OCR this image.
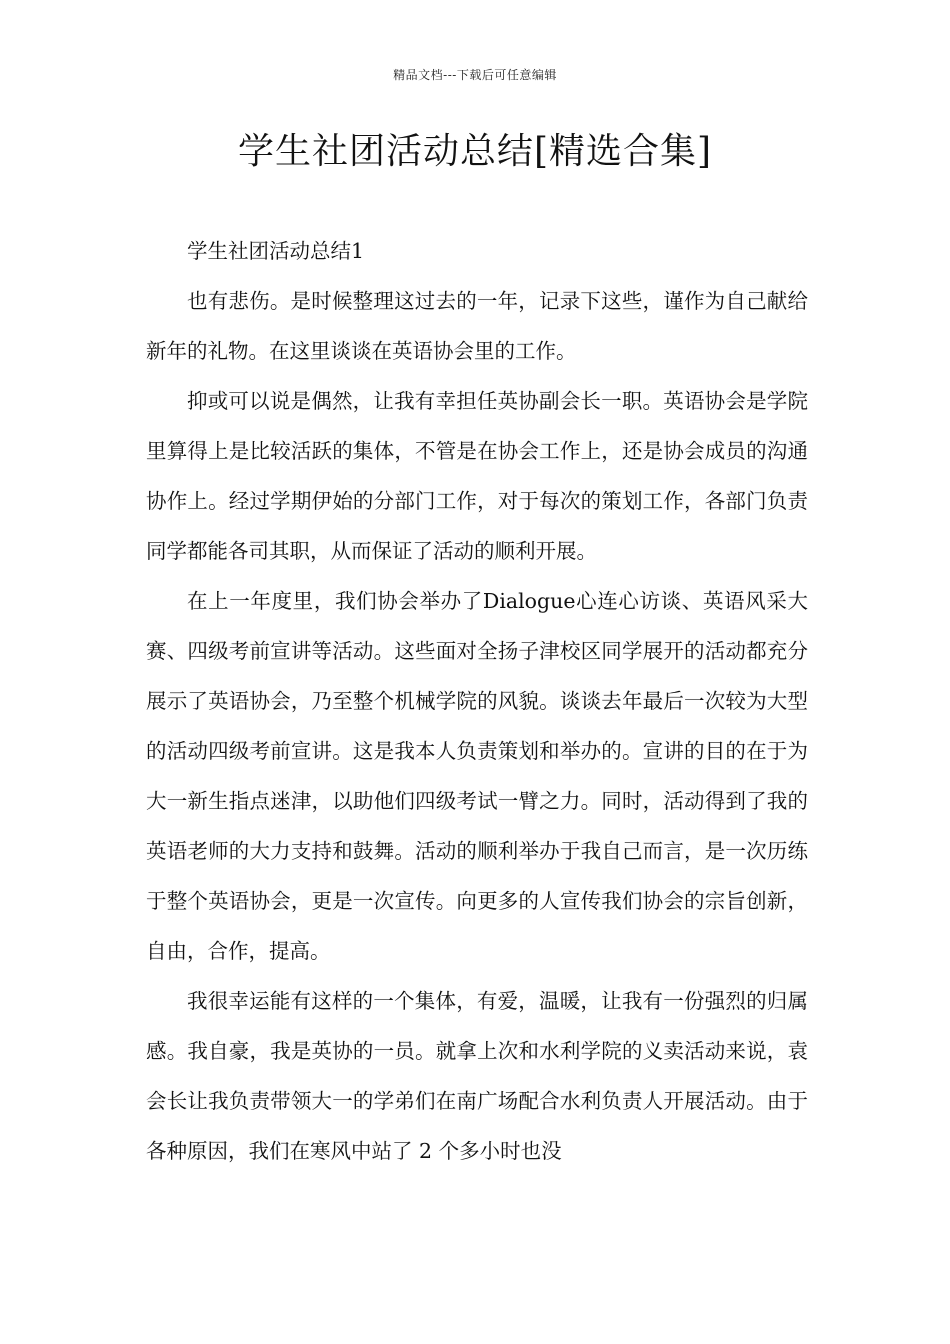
精品文档---下载后可任意编辑
学生社团活动总结[精选合集]

学生社团活动总结1

也有悲伤。是时候整理这过去的一年，记录下这些，谨作为自己献给新年的礼物。在这里谈谈在英语协会里的工作。

抑或可以说是偶然，让我有幸担任英协副会长一职。英语协会是学院里算得上是比较活跃的集体，不管是在协会工作上，还是协会成员的沟通协作上。经过学期伊始的分部门工作，对于每次的策划工作，各部门负责同学都能各司其职，从而保证了活动的顺利开展。

在上一年度里，我们协会举办了Dialogue心连心访谈、英语风采大赛、四级考前宣讲等活动。这些面对全扬子津校区同学展开的活动都充分展示了英语协会，乃至整个机械学院的风貌。谈谈去年最后一次较为大型的活动四级考前宣讲。这是我本人负责策划和举办的。宣讲的目的在于为大一新生指点迷津，以助他们四级考试一臂之力。同时，活动得到了我的英语老师的大力支持和鼓舞。活动的顺利举办于我自己而言，是一次历练于整个英语协会，更是一次宣传。向更多的人宣传我们协会的宗旨创新，自由，合作，提高。

我很幸运能有这样的一个集体，有爱，温暖，让我有一份强烈的归属感。我自豪，我是英协的一员。就拿上次和水利学院的义卖活动来说，袁会长让我负责带领大一的学弟们在南广场配合水利负责人开展活动。由于各种原因，我们在寒风中站了 2 个多小时也没
